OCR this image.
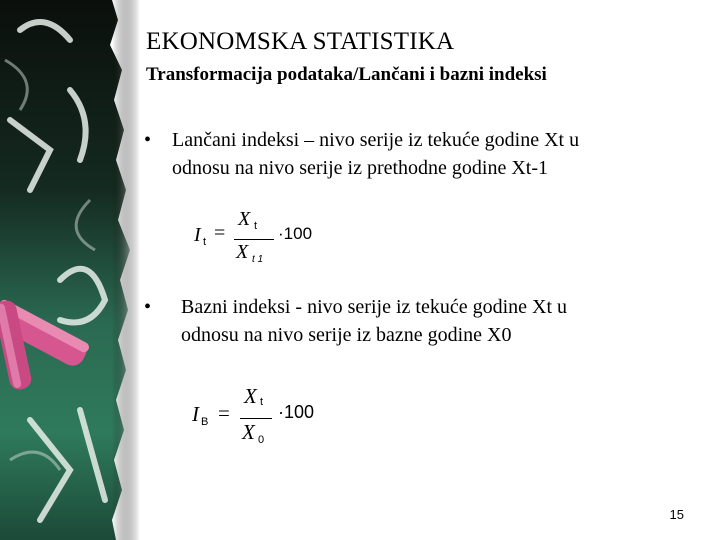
EKONOMSKA STATISTIKA
Transformacija podataka/Lančani i bazni indeksi
• Lančani indeksi – nivo serije iz tekuće godine Xt u
odnosu na nivo serije iz prethodne godine Xt-1
I t =
X t
X t 1
·100
• Bazni indeksi - nivo serije iz tekuće godine Xt u
odnosu na nivo serije iz bazne godine X0
I B =
X t
X 0
·100
15
